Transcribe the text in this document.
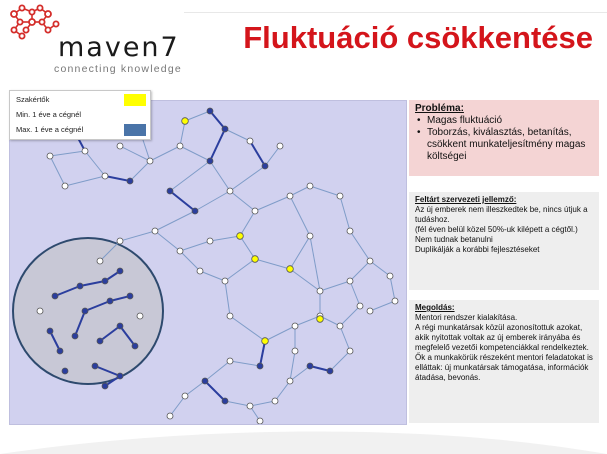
maven7
connecting knowledge
Fluktuáció csökkentése
Szakértők
Min. 1 éve a cégnél
Max. 1 éve a cégnél
Probléma:
• Magas fluktuáció
• Toborzás, kiválasztás, betanítás, csökkent munkateljesítmény magas költségei
Feltárt szervezeti jellemző:
Az új emberek nem illeszkedtek be, nincs útjuk a tudáshoz.
(fél éven belül közel 50%-uk kilépett a cégtől.)
Nem tudnak betanulni
Duplikálják a korábbi fejlesztéseket
Megoldás:
Mentori rendszer kialakítása.
A régi munkatársak közül azonosítottuk azokat, akik nyitottak voltak az új emberek irányába és megfelelő vezetői kompetenciákkal rendelkeztek. Ők a munkakörük részeként mentori feladatokat is elláttak: új munkatársak támogatása, információk átadása, bevonás.
